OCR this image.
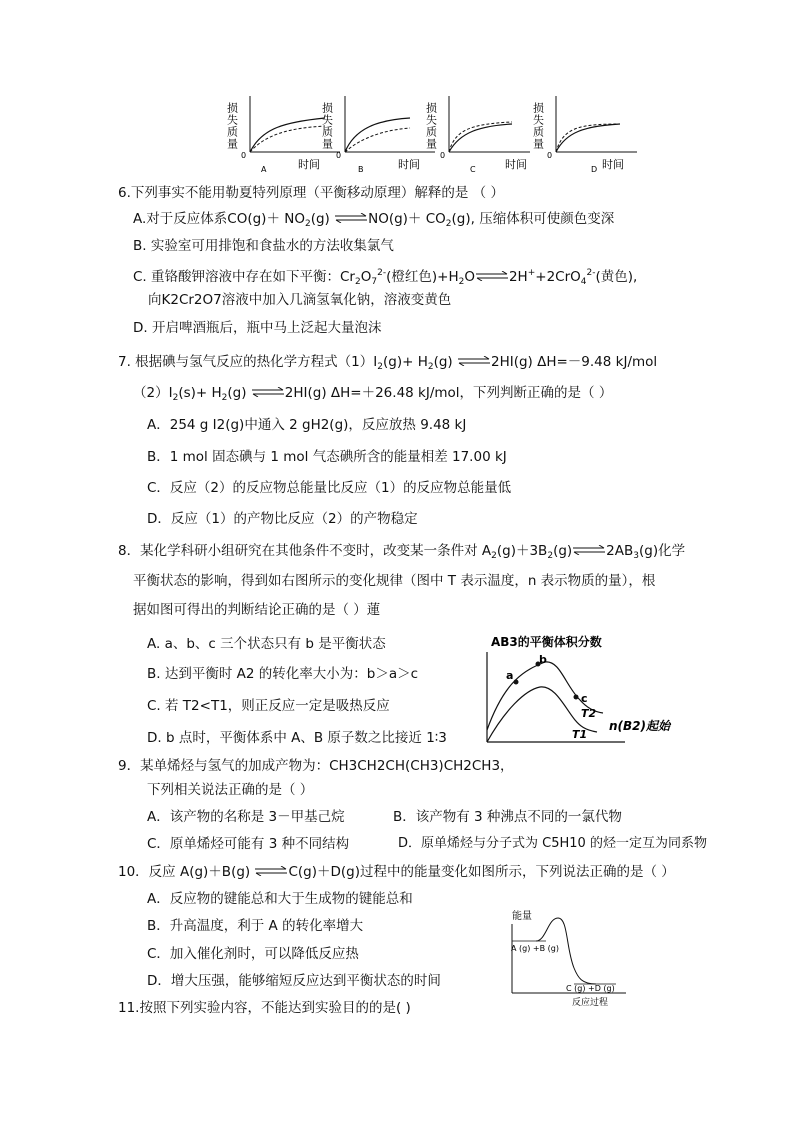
损失质量
0
A	时间
损失质量
0
B	时间
损失质量
0
C	时间
损失质量
0
D 时间
6.下列事实不能用勒夏特列原理（平衡移动原理）解释的是 （ ）
A.对于反应体系$CO(g)+ NO_2(g)$ ⇌NO(g)＋ $CO_2(g)$, 压缩体积可使颜色变深
B. 实验室可用排饱和食盐水的方法收集氯气
C. 重铬酸钾溶液中存在如下平衡：$Cr_2O_7^{2-}$(橙红色)$+H_2O\rightleftharpoons 2H^++2CrO_4^{2-}$(黄色),
向K2Cr2O7溶液中加入几滴氢氧化钠，溶液变黄色
D. 开启啤酒瓶后，瓶中马上泛起大量泡沫
7. 根据碘与氢气反应的热化学方程式$(1)I_2(g)+ H_2(g)$ ⇌2HI(g) ΔH=－9.48 kJ/mol
$(2)I_2(s)+ H_2(g)$ ⇌2HI(g) ΔH=＋26.48 kJ/mol，下列判断正确的是（ ）
A．254 g I2(g)中通入 2 gH2(g)，反应放热 9.48 kJ
B．1 mol 固态碘与 1 mol 气态碘所含的能量相差 17.00 kJ
C．反应（2）的反应物总能量比反应（1）的反应物总能量低
D．反应（1）的产物比反应（2）的产物稳定
8．某化学科研小组研究在其他条件不变时，改变某一条件对 $A_2(g)+3B_2(g)\rightleftharpoons 2AB_3(g)$化学
平衡状态的影响，得到如右图所示的变化规律（图中 T 表示温度，n 表示物质的量），根
据如图可得出的判断结论正确的是（ ）蓮
A. a、b、c 三个状态只有 b 是平衡状态
B. 达到平衡时 A2 的转化率大小为：b＞a＞c
C. 若 T2<T1，则正反应一定是吸热反应
D. b 点时，平衡体系中 A、B 原子数之比接近 1∶3
AB3的平衡体积分数
n(B2)起始
a
b
c
T2
T1
9．某单烯烃与氢气的加成产物为：CH3CH2CH(CH3)CH2CH3，
下列相关说法正确的是（ ）
A．该产物的名称是 3－甲基己烷	B．该产物有 3 种沸点不同的一氯代物
C．原单烯烃可能有 3 种不同结构	D．原单烯烃与分子式为 C5H10 的烃一定互为同系物
10．反应 A(g)＋B(g) ⇌C(g)＋D(g)过程中的能量变化如图所示，下列说法正确的是（ ）
A．反应物的键能总和大于生成物的键能总和
B．升高温度，利于 A 的转化率增大
C．加入催化剂时，可以降低反应热
D．增大压强，能够缩短反应达到平衡状态的时间
能量
A (g) +B (g)
C (g) +D (g)
反应过程
11.按照下列实验内容，不能达到实验目的的是( )
